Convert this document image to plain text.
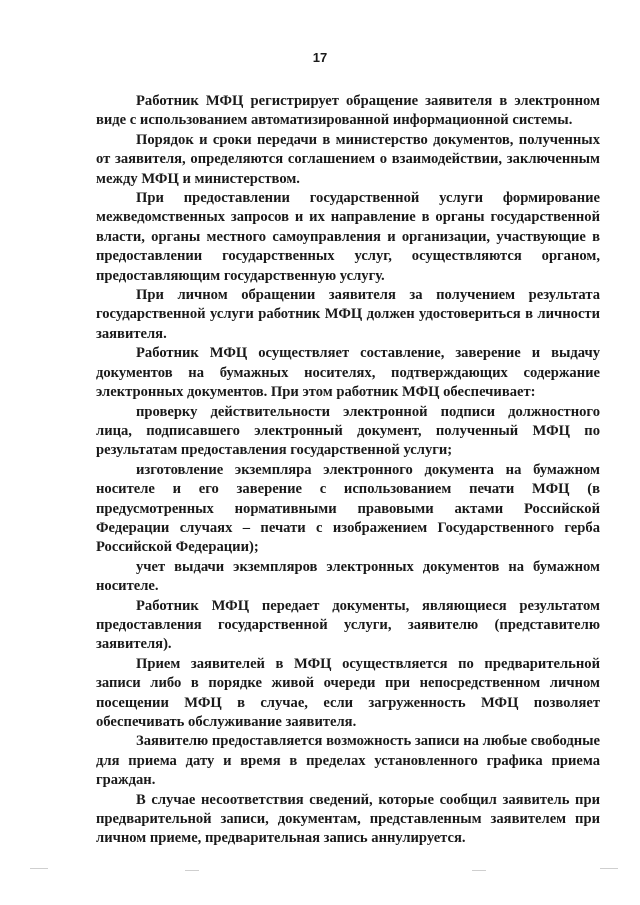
17

Работник МФЦ регистрирует обращение заявителя в электронном виде с использованием автоматизированной информационной системы.

Порядок и сроки передачи в министерство документов, полученных от заявителя, определяются соглашением о взаимодействии, заключенным между МФЦ и министерством.

При предоставлении государственной услуги формирование межведомственных запросов и их направление в органы государственной власти, органы местного самоуправления и организации, участвующие в предоставлении государственных услуг, осуществляются органом, предоставляющим государственную услугу.

При личном обращении заявителя за получением результата государственной услуги работник МФЦ должен удостовериться в личности заявителя.

Работник МФЦ осуществляет составление, заверение и выдачу документов на бумажных носителях, подтверждающих содержание электронных документов. При этом работник МФЦ обеспечивает:

проверку действительности электронной подписи должностного лица, подписавшего электронный документ, полученный МФЦ по результатам предоставления государственной услуги;

изготовление экземпляра электронного документа на бумажном носителе и его заверение с использованием печати МФЦ (в предусмотренных нормативными правовыми актами Российской Федерации случаях – печати с изображением Государственного герба Российской Федерации);

учет выдачи экземпляров электронных документов на бумажном носителе.

Работник МФЦ передает документы, являющиеся результатом предоставления государственной услуги, заявителю (представителю заявителя).

Прием заявителей в МФЦ осуществляется по предварительной записи либо в порядке живой очереди при непосредственном личном посещении МФЦ в случае, если загруженность МФЦ позволяет обеспечивать обслуживание заявителя.

Заявителю предоставляется возможность записи на любые свободные для приема дату и время в пределах установленного графика приема граждан.

В случае несоответствия сведений, которые сообщил заявитель при предварительной записи, документам, представленным заявителем при личном приеме, предварительная запись аннулируется.
